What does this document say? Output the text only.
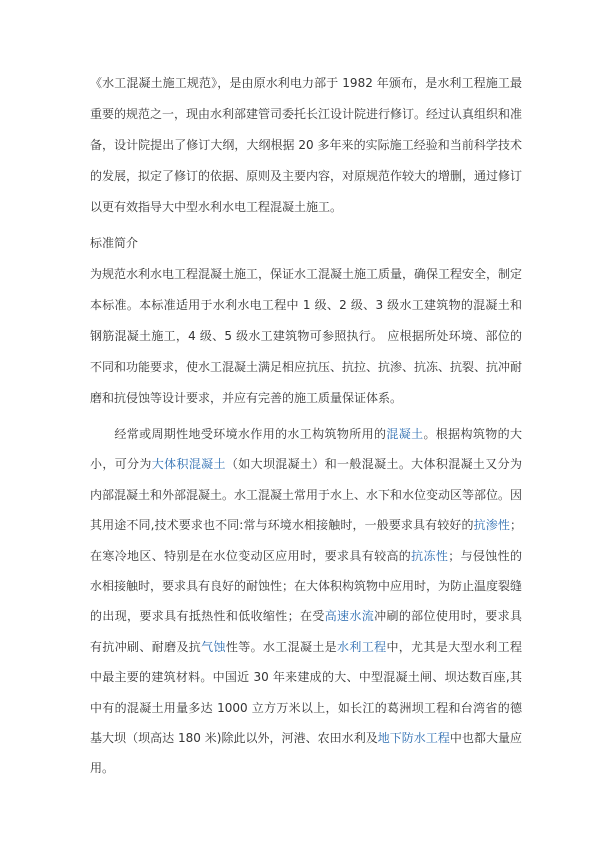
《水工混凝土施工规范》，是由原水利电力部于 1982 年颁布，是水利工程施工最重要的规范之一，现由水利部建管司委托长江设计院进行修订。经过认真组织和准备，设计院提出了修订大纲，大纲根据 20 多年来的实际施工经验和当前科学技术的发展，拟定了修订的依据、原则及主要内容，对原规范作较大的增删，通过修订以更有效指导大中型水利水电工程混凝土施工。

标准简介

为规范水利水电工程混凝土施工，保证水工混凝土施工质量，确保工程安全，制定本标准。本标准适用于水利水电工程中 1 级、2 级、3 级水工建筑物的混凝土和钢筋混凝土施工，4 级、5 级水工建筑物可参照执行。 应根据所处环境、部位的不同和功能要求，使水工混凝土满足相应抗压、抗拉、抗渗、抗冻、抗裂、抗冲耐磨和抗侵蚀等设计要求，并应有完善的施工质量保证体系。

经常或周期性地受环境水作用的水工构筑物所用的混凝土。根据构筑物的大小，可分为大体积混凝土（如大坝混凝土）和一般混凝土。大体积混凝土又分为内部混凝土和外部混凝土。水工混凝土常用于水上、水下和水位变动区等部位。因其用途不同,技术要求也不同:常与环境水相接触时，一般要求具有较好的抗渗性；在寒冷地区、特别是在水位变动区应用时，要求具有较高的抗冻性；与侵蚀性的水相接触时，要求具有良好的耐蚀性；在大体积构筑物中应用时，为防止温度裂缝的出现，要求具有抵热性和低收缩性；在受高速水流冲刷的部位使用时，要求具有抗冲刷、耐磨及抗气蚀性等。水工混凝土是水利工程中，尤其是大型水利工程中最主要的建筑材料。中国近 30 年来建成的大、中型混凝土闸、坝达数百座,其中有的混凝土用量多达 1000 立方万米以上，如长江的葛洲坝工程和台湾省的德基大坝（坝高达 180 米)除此以外，河港、农田水利及地下防水工程中也都大量应用。
